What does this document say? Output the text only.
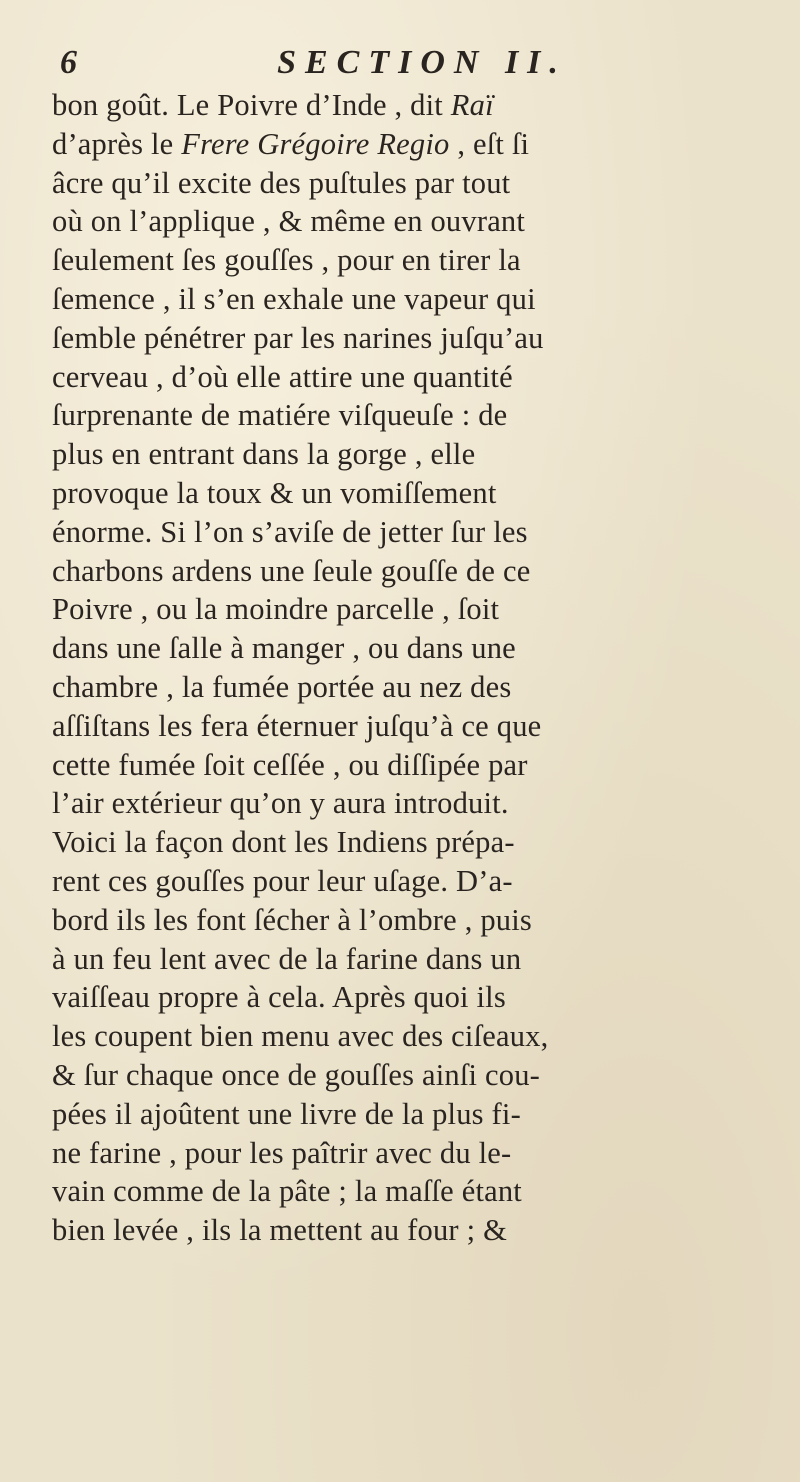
6	SECTION II.
bon goût. Le Poivre d’Inde , dit Raï
d’après le Frere Grégoire Regio , eſt ſi
âcre qu’il excite des puſtules par tout
où on l’applique , & même en ouvrant
ſeulement ſes gouſſes , pour en tirer la
ſemence , il s’en exhale une vapeur qui
ſemble pénétrer par les narines juſqu’au
cerveau , d’où elle attire une quantité
ſurprenante de matiére viſqueuſe : de
plus en entrant dans la gorge , elle
provoque la toux & un vomiſſement
énorme. Si l’on s’aviſe de jetter ſur les
charbons ardens une ſeule gouſſe de ce
Poivre , ou la moindre parcelle , ſoit
dans une ſalle à manger , ou dans une
chambre , la fumée portée au nez des
aſſiſtans les fera éternuer juſqu’à ce que
cette fumée ſoit ceſſée , ou diſſipée par
l’air extérieur qu’on y aura introduit.
Voici la façon dont les Indiens prépa-
rent ces gouſſes pour leur uſage. D’a-
bord ils les font ſécher à l’ombre , puis
à un feu lent avec de la farine dans un
vaiſſeau propre à cela. Après quoi ils
les coupent bien menu avec des ciſeaux,
& ſur chaque once de gouſſes ainſi cou-
pées il ajoûtent une livre de la plus fi-
ne farine , pour les paîtrir avec du le-
vain comme de la pâte ; la maſſe étant
bien levée , ils la mettent au four ; &
